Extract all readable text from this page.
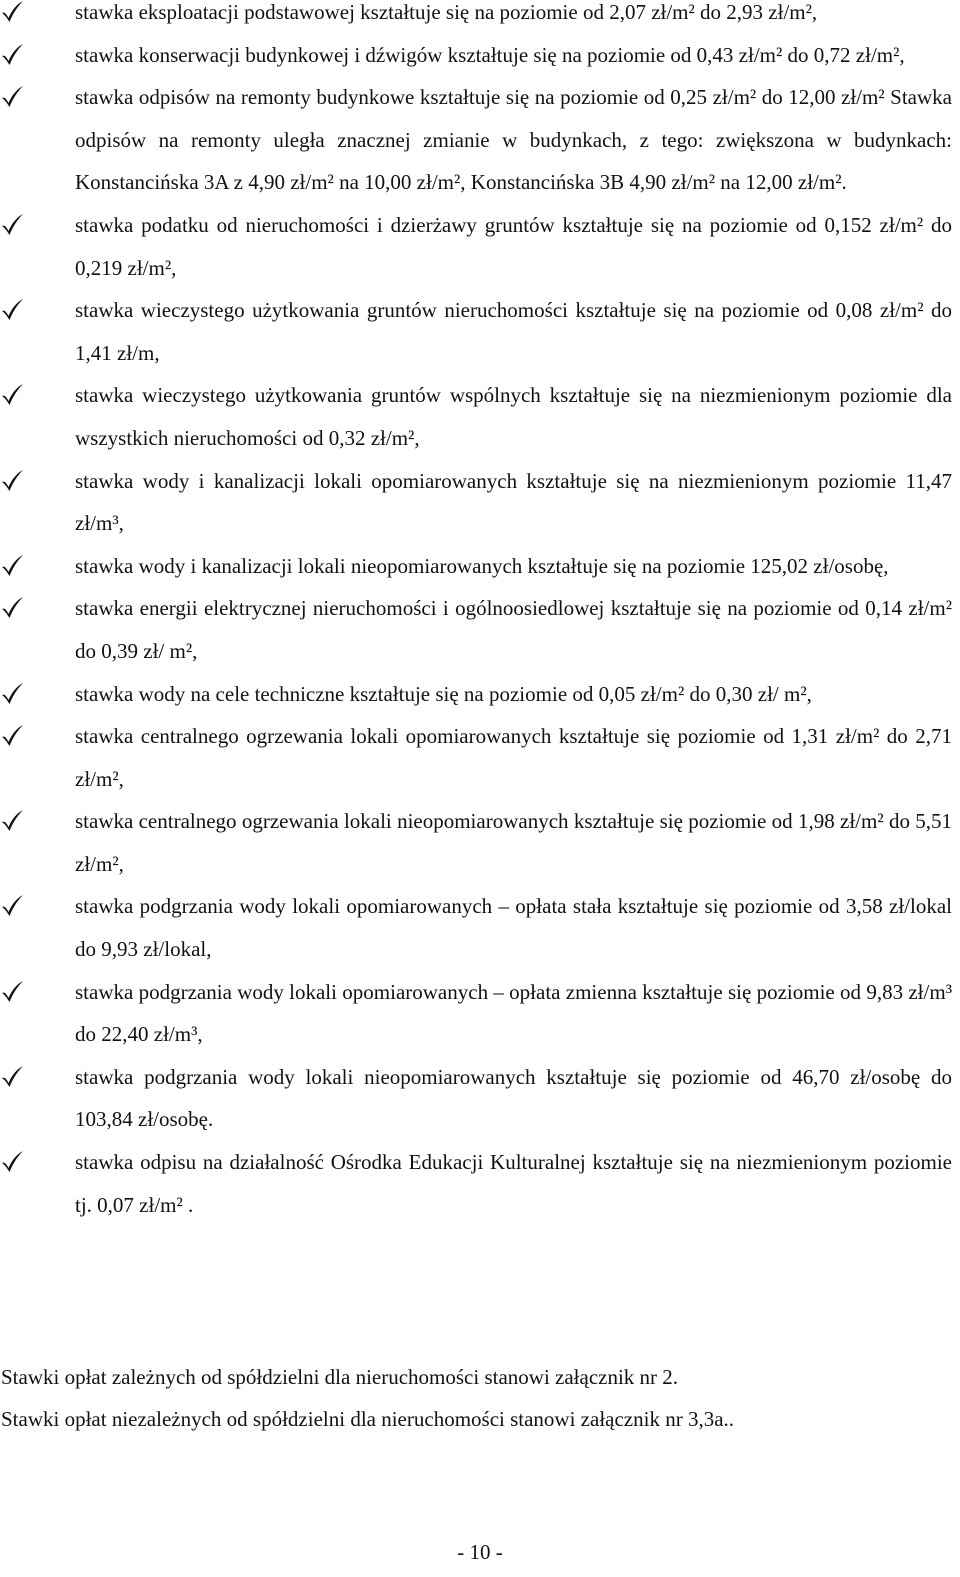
stawka eksploatacji podstawowej kształtuje się na poziomie od 2,07 zł/m² do 2,93 zł/m²,

stawka konserwacji budynkowej i dźwigów kształtuje się na poziomie od 0,43 zł/m² do 0,72 zł/m²,

stawka odpisów na remonty budynkowe kształtuje się na poziomie od 0,25 zł/m² do 12,00 zł/m² Stawka odpisów na remonty uległa znacznej zmianie w budynkach, z tego: zwiększona w budynkach: Konstancińska 3A z 4,90 zł/m² na 10,00 zł/m², Konstancińska 3B 4,90 zł/m² na 12,00 zł/m².

stawka podatku od nieruchomości i dzierżawy gruntów kształtuje się na poziomie od 0,152 zł/m² do 0,219 zł/m²,

stawka wieczystego użytkowania gruntów nieruchomości kształtuje się na poziomie od 0,08 zł/m² do 1,41 zł/m,

stawka wieczystego użytkowania gruntów wspólnych kształtuje się na niezmienionym poziomie dla wszystkich nieruchomości od 0,32 zł/m²,

stawka wody i kanalizacji lokali opomiarowanych kształtuje się na niezmienionym poziomie 11,47 zł/m³,

stawka wody i kanalizacji lokali nieopomiarowanych kształtuje się na poziomie 125,02 zł/osobę,

stawka energii elektrycznej nieruchomości i ogólnoosiedlowej kształtuje się na poziomie od 0,14 zł/m² do 0,39 zł/ m²,

stawka wody na cele techniczne kształtuje się na poziomie od 0,05 zł/m² do 0,30 zł/ m²,

stawka centralnego ogrzewania lokali opomiarowanych kształtuje się poziomie od 1,31 zł/m² do 2,71 zł/m²,

stawka centralnego ogrzewania lokali nieopomiarowanych kształtuje się poziomie od 1,98 zł/m² do 5,51 zł/m²,

stawka podgrzania wody lokali opomiarowanych – opłata stała kształtuje się poziomie od 3,58 zł/lokal do 9,93 zł/lokal,

stawka podgrzania wody lokali opomiarowanych – opłata zmienna kształtuje się poziomie od 9,83 zł/m³ do 22,40 zł/m³,

stawka podgrzania wody lokali nieopomiarowanych kształtuje się poziomie od 46,70 zł/osobę do 103,84 zł/osobę.

stawka odpisu na działalność Ośrodka Edukacji Kulturalnej kształtuje się na niezmienionym poziomie tj. 0,07 zł/m² .

Stawki opłat zależnych od spółdzielni dla nieruchomości stanowi załącznik nr 2.

Stawki opłat niezależnych od spółdzielni dla nieruchomości stanowi załącznik nr 3,3a..

- 10 -
